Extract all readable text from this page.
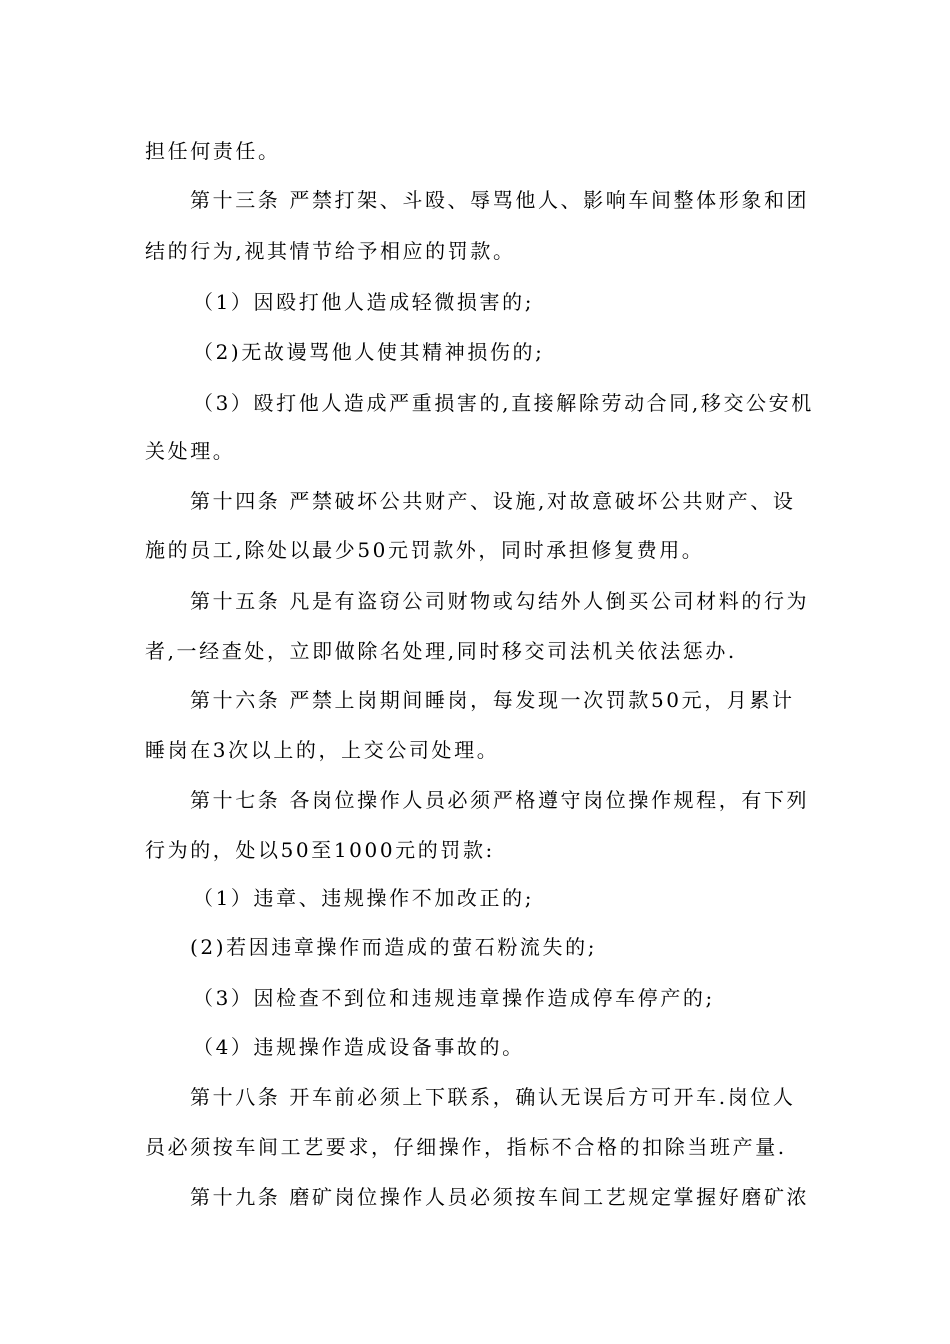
担任何责任。
第十三条 严禁打架、斗殴、辱骂他人、影响车间整体形象和团
结的行为,视其情节给予相应的罚款。
（1）因殴打他人造成轻微损害的;
（2)无故谩骂他人使其精神损伤的;
（3）殴打他人造成严重损害的,直接解除劳动合同,移交公安机
关处理。
第十四条 严禁破坏公共财产、设施,对故意破坏公共财产、设
施的员工,除处以最少50元罚款外，同时承担修复费用。
第十五条 凡是有盗窃公司财物或勾结外人倒买公司材料的行为
者,一经查处，立即做除名处理,同时移交司法机关依法惩办.
第十六条 严禁上岗期间睡岗，每发现一次罚款50元，月累计
睡岗在3次以上的，上交公司处理。
第十七条 各岗位操作人员必须严格遵守岗位操作规程，有下列
行为的，处以50至1000元的罚款:
（1）违章、违规操作不加改正的;
(2)若因违章操作而造成的萤石粉流失的;
（3）因检查不到位和违规违章操作造成停车停产的;
（4）违规操作造成设备事故的。
第十八条 开车前必须上下联系，确认无误后方可开车.岗位人
员必须按车间工艺要求，仔细操作，指标不合格的扣除当班产量.
第十九条 磨矿岗位操作人员必须按车间工艺规定掌握好磨矿浓
